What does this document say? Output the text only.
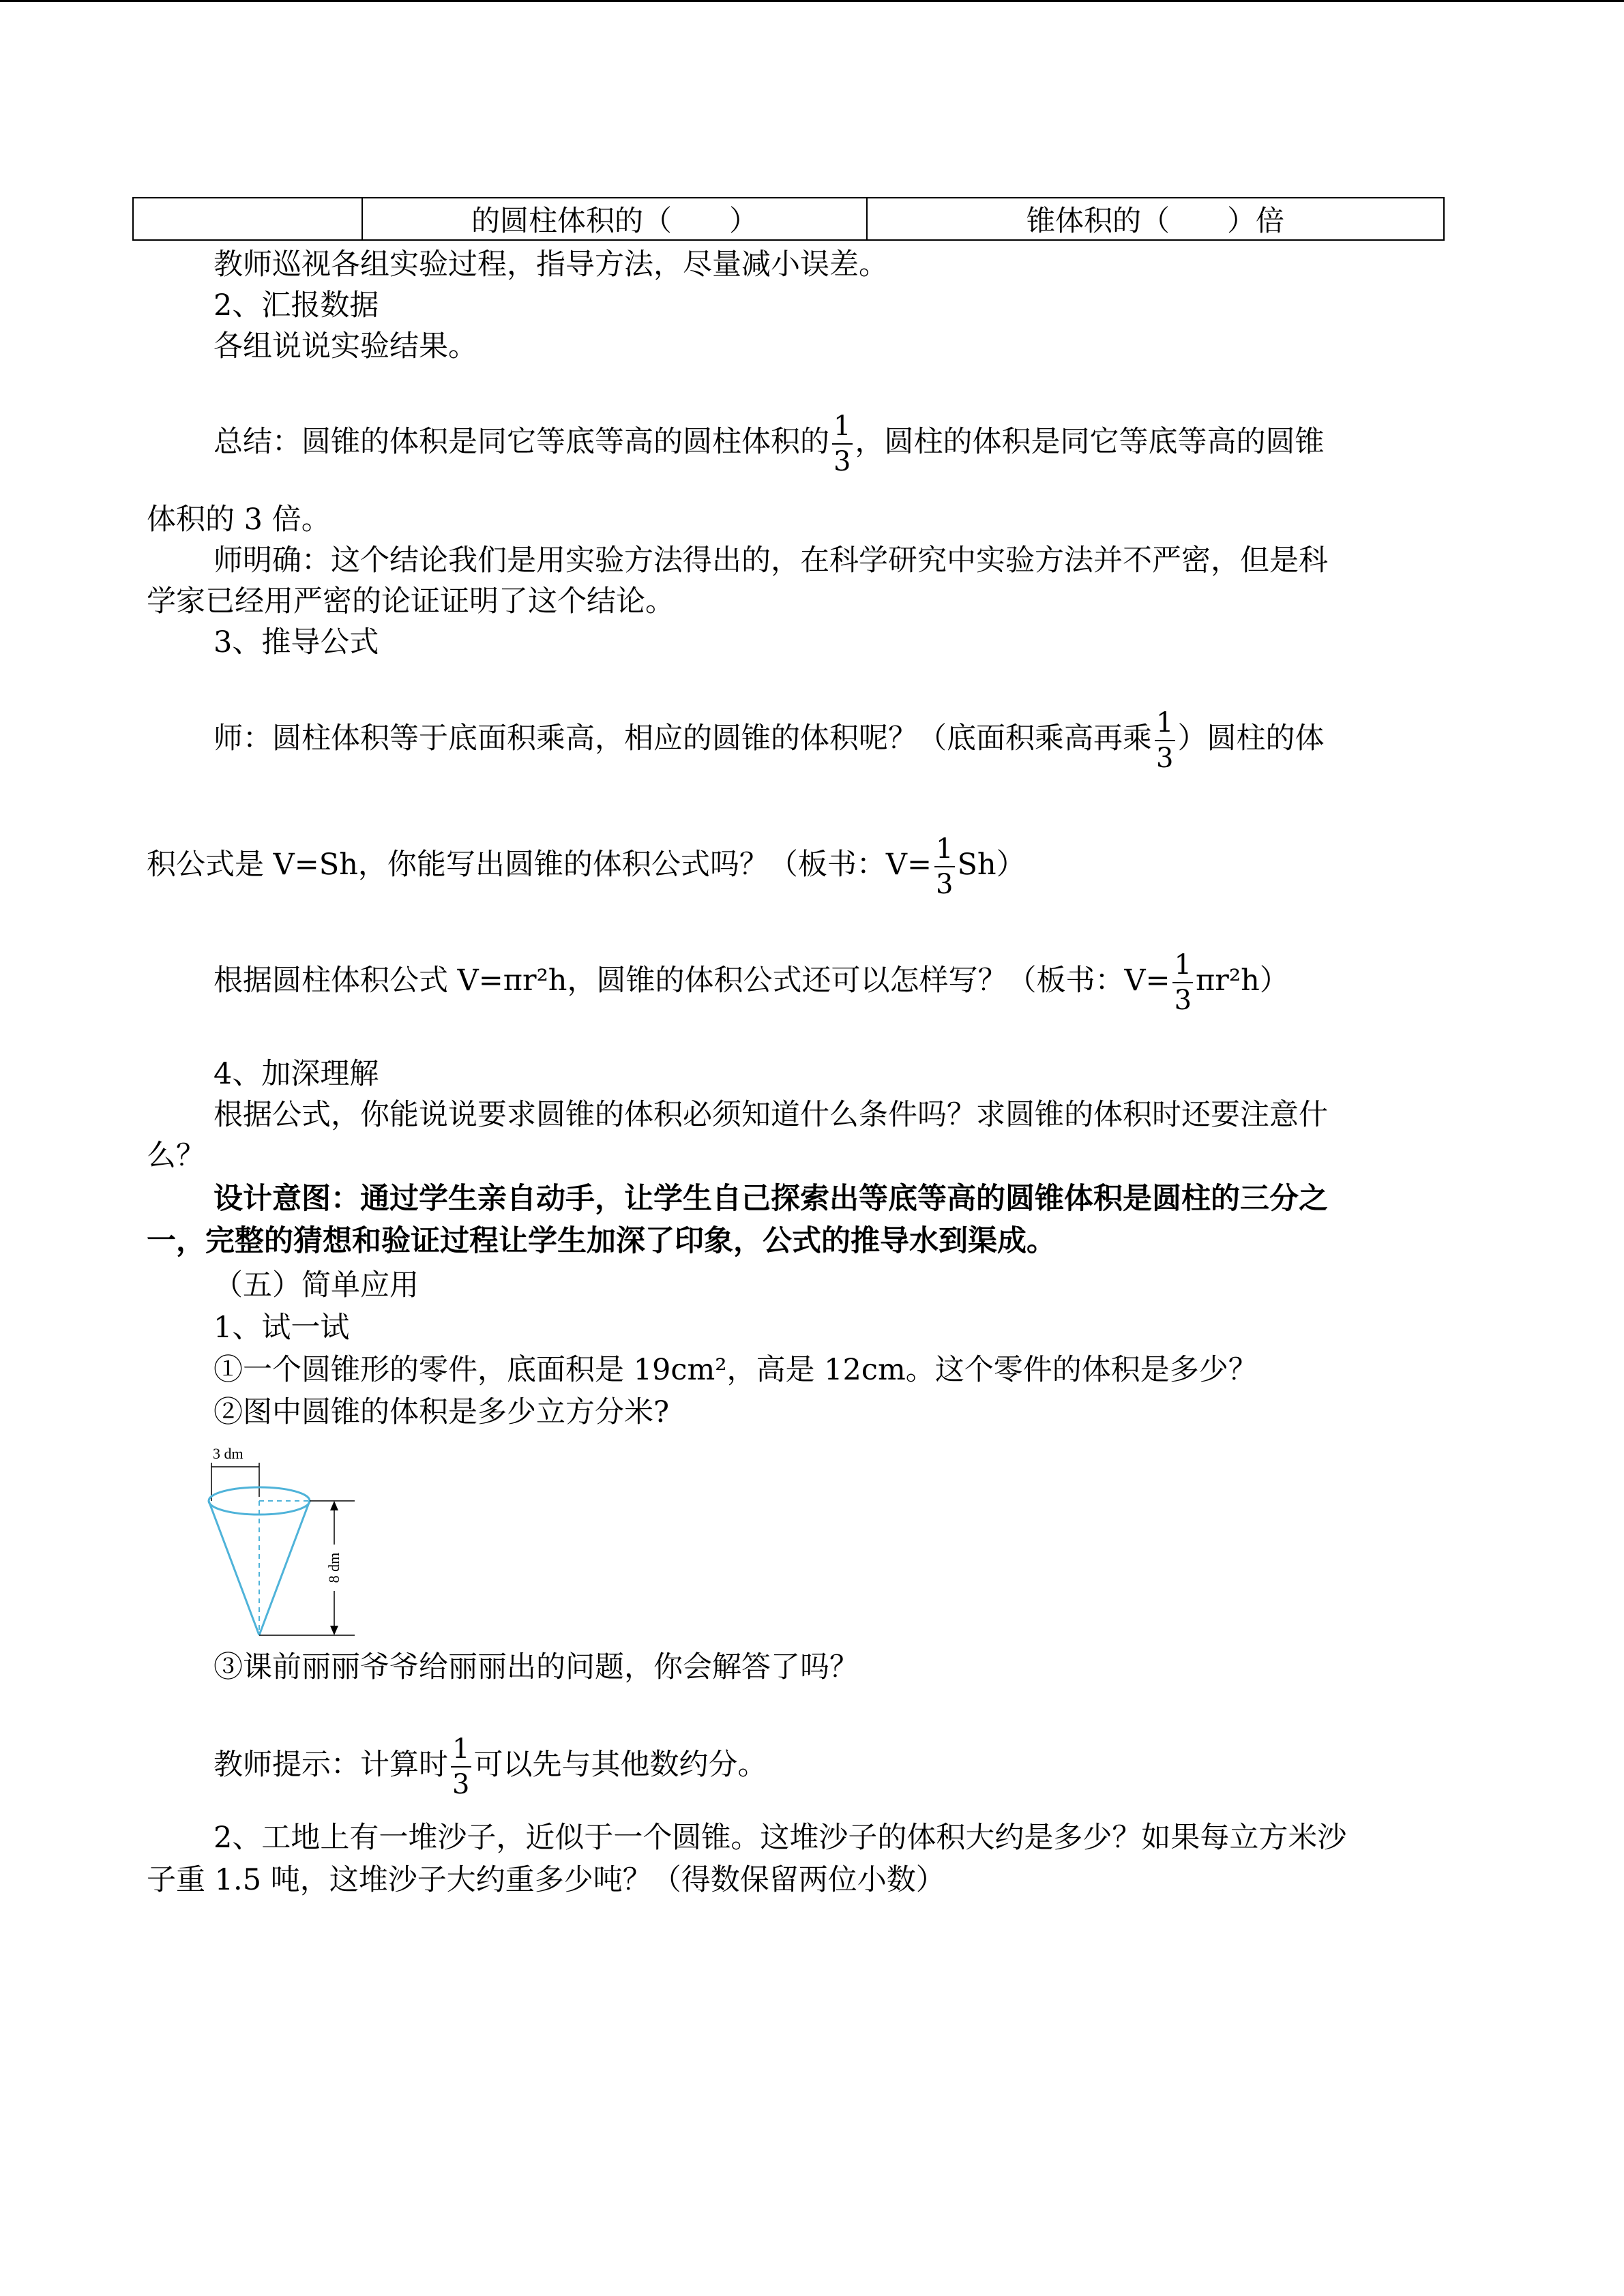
	的圆柱体积的（　　）	锥体积的（　　）倍
教师巡视各组实验过程，指导方法，尽量减小误差。
2、汇报数据
各组说说实验结果。
总结：圆锥的体积是同它等底等高的圆柱体积的 $\frac{1}{3}$ ，圆柱的体积是同它等底等高的圆锥
体积的 3 倍。
师明确：这个结论我们是用实验方法得出的，在科学研究中实验方法并不严密，但是科
学家已经用严密的论证证明了这个结论。
3、推导公式
师：圆柱体积等于底面积乘高，相应的圆锥的体积呢？（底面积乘高再乘 $\frac{1}{3}$ ）圆柱的体
积公式是 V=Sh，你能写出圆锥的体积公式吗？（板书：$V= \frac{1}{3} Sh$）
根据圆柱体积公式 V=πr²h，圆锥的体积公式还可以怎样写？（板书：$V= \frac{1}{3} \pi r^2h$）
4、加深理解
根据公式，你能说说要求圆锥的体积必须知道什么条件吗？求圆锥的体积时还要注意什
么？
设计意图：通过学生亲自动手，让学生自己探索出等底等高的圆锥体积是圆柱的三分之
一，完整的猜想和验证过程让学生加深了印象，公式的推导水到渠成。
（五）简单应用
1、试一试
①一个圆锥形的零件，底面积是 19cm²，高是 12cm。这个零件的体积是多少？
②图中圆锥的体积是多少立方分米?
3 dm
8 dm
③课前丽丽爷爷给丽丽出的问题，你会解答了吗？
教师提示：计算时 $\frac{1}{3}$ 可以先与其他数约分。
2、工地上有一堆沙子，近似于一个圆锥。这堆沙子的体积大约是多少？如果每立方米沙
子重 1.5 吨，这堆沙子大约重多少吨？（得数保留两位小数）
